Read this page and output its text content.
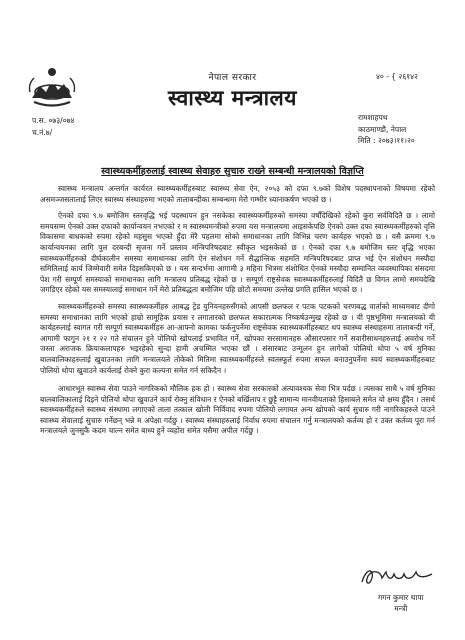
नेपाल सरकार
स्वास्थ्य मन्त्रालय
४० - { २६१४२
प.स. ०७३/०७४
च.नं.७/
रामशाहपथ
काठमाण्डौ, नेपाल
मिति : २०७३।११।२०
स्वास्थ्यकर्मीहरुलाई स्वास्थ्य सेवाहरु सुचारु राख्ने सम्बन्धी मन्त्रालयको विज्ञप्ति

स्वास्थ्य मन्त्रालय अन्तर्गत कार्यरत स्वास्थ्यकर्मीहरुबाट स्वास्थ्य सेवा ऐन, २०५३ को दफा ९.७को विशेष पदस्थापनाको विषयमा रहेको असमञ्जसतालाई लिएर स्वास्थ्य संस्थाहरुमा भएको तालाबन्दीका सम्बन्धमा मेरो गम्भीर ध्यानाकर्षण भएको छ ।

ऐनको दफा ९.७ बमोजिम स्तरवृद्धि भई पदस्थापन हुन नसकेका स्वास्थ्यकर्मीहरुको समस्या वर्षौंदेखिको रहेको कुरा सर्वविदितै छ । लामो समयसम्म ऐनको उक्त दफाको कार्यान्वयन नभएको र म स्वास्थ्यमन्त्रीको रुपमा यस मन्त्रालयमा आइसकेपछि ऐनको उक्त दफा स्वास्थ्यकर्मीहरुको वृत्ति विकासमा बाधकको रुपमा रहेको महसुस भएको हुँदा मेरै पहलमा सोको समाधानका लागि विभिन्न चरण कार्यहरु भएको छ । यसै क्रममा ९.७ कार्यान्वयनका लागि पुल दरबन्दी सृजना गर्ने प्रस्ताव मन्त्रिपरिषदबाट स्वीकृत भइसकेको छ । ऐनको दफा ९.७ बमोजिम स्तर वृद्धि भएका स्वास्थ्यकर्मीहरुको दीर्घकालीन समस्या समाधानका लागि ऐन संशोधन गर्ने सैद्धान्तिक सहमति मन्त्रिपरिषदबाट प्राप्त भई ऐन संशोधन मस्यौदा समितिलाई कार्य जिम्मेवारी समेत दिइसकिएको छ । यस सन्दर्भमा आगामी ३ महिना भित्रमा संशोधित ऐनको मस्यौदा सम्मानित व्यवस्थापिका संसदमा पेश गरी सम्पूर्ण समस्याको समाधानका लागि मन्त्रालय प्रतिबद्ध रहेको छ । सम्पूर्ण राष्ट्रसेवक स्वास्थ्यकर्मीहरुलाई विदितै छ विगत लामो समयदेखि जगडिएर रहेको यस समस्यालाई समाधान गर्ने मेरो प्रतिबद्धता बमोजिम पहि छोटो समयमा उल्लेख प्रगति हासिल भएको छ ।

स्वास्थ्यकर्मीहरुको समस्या स्वास्थ्यकर्मीहरु आबद्ध ट्रेड युनियनहरुसँगको आपसी छलफल र पटक पटकको चरणबद्ध वार्ताको माध्यमबाट दीगो समस्या समाधानका लागि भएको हाम्रो सामूहिक प्रयास र लगातारको छलफल सकारात्मक निष्कर्षउन्मुख रहेको छ । यी पृष्ठभूमिमा मन्त्रालयको यी कार्यहरुलाई स्वागत गरी सम्पूर्ण स्वास्थ्यकर्मीहरु आ-आफ्नो कामका फर्कनुपर्नेमा राष्ट्रसेवक स्वास्थ्यकर्मीहरुबाट थप स्वास्थ्य संस्थाहरुमा तालाबन्दी गर्ने, आगामी फागुन २१ र २२ गते संचालन हुने पोलियो खोपलाई प्रभावित गर्ने, खोपका सरसामानहरु औसारपसार गर्ने सवारीसाधनहरुलाई अवरोध गर्ने जस्ता अराजक क्रियाकलापहरु भइरहेको सुन्दा हामी अचम्मित भएका छौं । संसारबाट उन्मूलन हुन लागेको पोलियो थोपा ५ वर्ष मुनिका बालबालिकाहरुलाई खुवाउनका लागि मन्त्रालयले तोकेको मितिमा स्वास्थ्यकर्मीहरुले स्वतस्फूर्त रुपमा सफल बनाउनुपर्नेमा स्वयं स्वास्थ्यकर्मीहरुबाट पोलियो थोपा खुवाउने कार्यलाई रोक्ने कुरा कल्पना समेत गर्न सकिदैन ।

आधारभूत स्वास्थ्य सेवा पाउने नागरिकको मौलिक हक हो । स्वास्थ्य सेवा सरकारको अत्यावश्यक सेवा भित्र पर्दछ । त्यसका साथै ५ वर्ष मुनिका बालबालिकालाई दिइने पोलियो थोपा खुवाउने कार्य रोक्नु संविधान र ऐनको बर्खिलाप र छुट्टै सामान्य मानवीयताको हिसाबले समेत यो क्षम्य हुँदैन । तसर्थ स्वास्थ्यकर्मीहरुले स्वास्थ्य संस्थामा लगाएको ताला तत्काल खोली निर्विवाद रुपमा पोलियो लगायत अन्य खोपको कार्य सुचारु गरी नागरिकहरुले पाउने स्वास्थ्य सेवालाई सुचारु गर्नेछन् भन्ने म अपेक्षा गर्दछु । स्वास्थ्य संस्थाहरुलाई निर्वाध रुपमा संचालन गर्नु मन्त्रालयको कर्तव्य हो र उक्त कर्तव्य पूरा गर्न मन्त्रालयले जुनसुकै कदम चाल्न समेत बाध्य हुने व्यहोरा समेत यसैमा अपील गर्दछु ।

गगन कुमार थापा
मन्त्री
